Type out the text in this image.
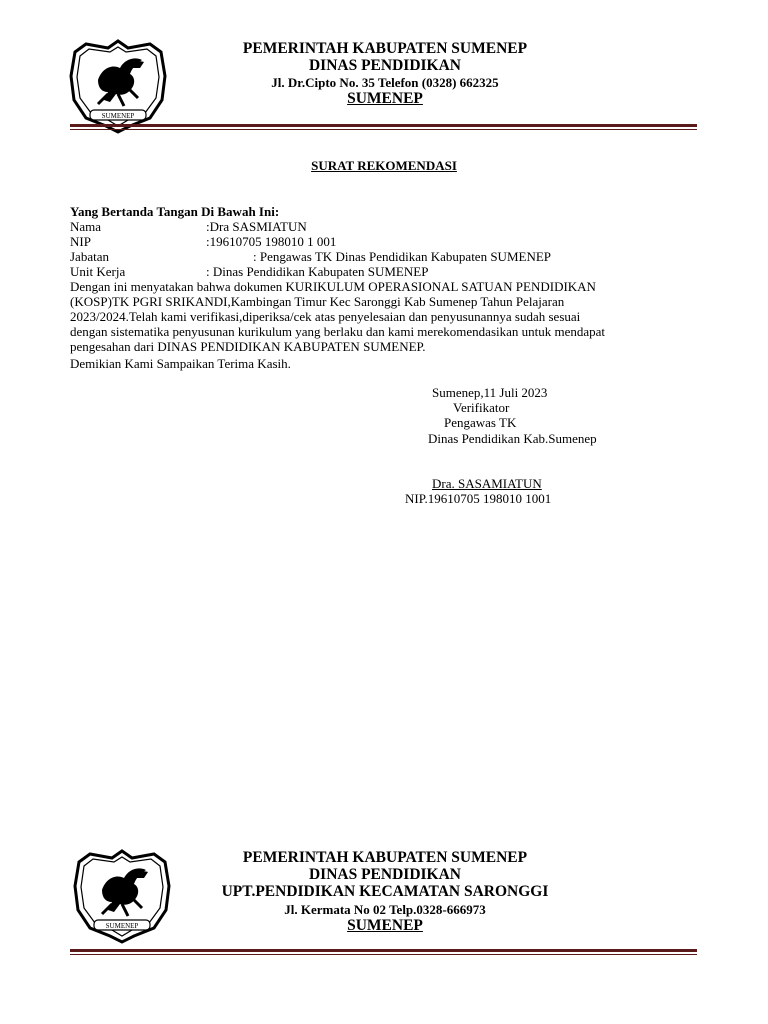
SUMENEP
PEMERINTAH KABUPATEN SUMENEP
DINAS PENDIDIKAN
Jl. Dr.Cipto No. 35 Telefon (0328) 662325
SUMENEP
SURAT REKOMENDASI
Yang Bertanda Tangan Di Bawah Ini:
Nama	:Dra SASMIATUN
NIP	:19610705 198010 1 001
Jabatan	: Pengawas TK Dinas Pendidikan Kabupaten SUMENEP
Unit Kerja	: Dinas Pendidikan Kabupaten SUMENEP
Dengan ini menyatakan bahwa dokumen KURIKULUM OPERASIONAL SATUAN PENDIDIKAN
(KOSP)TK PGRI SRIKANDI,Kambingan Timur Kec Saronggi Kab Sumenep Tahun Pelajaran
2023/2024.Telah kami verifikasi,diperiksa/cek atas penyelesaian dan penyusunannya sudah sesuai
dengan sistematika penyusunan kurikulum yang berlaku dan kami merekomendasikan untuk mendapat
pengesahan dari DINAS PENDIDIKAN KABUPATEN SUMENEP.
Demikian Kami Sampaikan Terima Kasih.
Sumenep,11 Juli 2023
Verifikator
Pengawas TK
Dinas Pendidikan Kab.Sumenep
Dra. SASAMIATUN
NIP.19610705 198010 1001
SUMENEP
PEMERINTAH KABUPATEN SUMENEP
DINAS PENDIDIKAN
UPT.PENDIDIKAN KECAMATAN SARONGGI
Jl. Kermata No 02 Telp.0328-666973
SUMENEP
